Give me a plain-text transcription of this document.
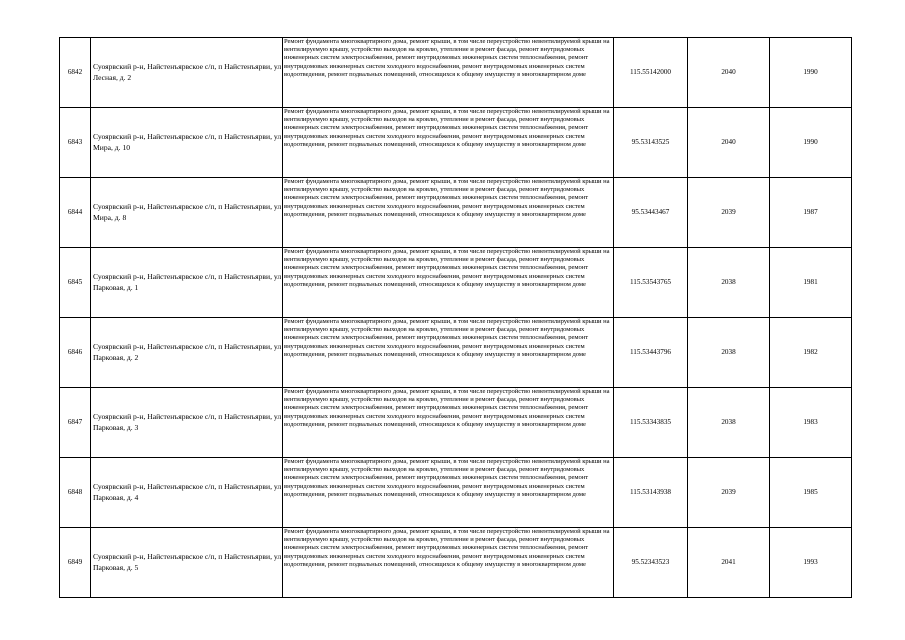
6842	Суоярвский р-н, Найстенъярвское с/п, п Найстенъярви, ул Лесная, д. 2	Ремонт фундамента многоквартирного дома, ремонт крыши, в том числе переустройство невентилируемой крыши на вентилируемую крышу, устройство выходов на кровлю, утепление и ремонт фасада, ремонт внутридомовых инженерных систем электроснабжения, ремонт внутридомовых инженерных систем теплоснабжения, ремонт внутридомовых инженерных систем холодного водоснабжения, ремонт внутридомовых инженерных систем водоотведения, ремонт подвальных помещений, относящихся к общему имуществу в многоквартирном доме	115.55142000	2040	1990
6843	Суоярвский р-н, Найстенъярвское с/п, п Найстенъярви, ул Мира, д. 10	Ремонт фундамента многоквартирного дома, ремонт крыши, в том числе переустройство невентилируемой крыши на вентилируемую крышу, устройство выходов на кровлю, утепление и ремонт фасада, ремонт внутридомовых инженерных систем электроснабжения, ремонт внутридомовых инженерных систем теплоснабжения, ремонт внутридомовых инженерных систем холодного водоснабжения, ремонт внутридомовых инженерных систем водоотведения, ремонт подвальных помещений, относящихся к общему имуществу в многоквартирном доме	95.53143525	2040	1990
6844	Суоярвский р-н, Найстенъярвское с/п, п Найстенъярви, ул Мира, д. 8	Ремонт фундамента многоквартирного дома, ремонт крыши, в том числе переустройство невентилируемой крыши на вентилируемую крышу, устройство выходов на кровлю, утепление и ремонт фасада, ремонт внутридомовых инженерных систем электроснабжения, ремонт внутридомовых инженерных систем теплоснабжения, ремонт внутридомовых инженерных систем холодного водоснабжения, ремонт внутридомовых инженерных систем водоотведения, ремонт подвальных помещений, относящихся к общему имуществу в многоквартирном доме	95.53443467	2039	1987
6845	Суоярвский р-н, Найстенъярвское с/п, п Найстенъярви, ул Парковая, д. 1	Ремонт фундамента многоквартирного дома, ремонт крыши, в том числе переустройство невентилируемой крыши на вентилируемую крышу, устройство выходов на кровлю, утепление и ремонт фасада, ремонт внутридомовых инженерных систем электроснабжения, ремонт внутридомовых инженерных систем теплоснабжения, ремонт внутридомовых инженерных систем холодного водоснабжения, ремонт внутридомовых инженерных систем водоотведения, ремонт подвальных помещений, относящихся к общему имуществу в многоквартирном доме	115.53543765	2038	1981
6846	Суоярвский р-н, Найстенъярвское с/п, п Найстенъярви, ул Парковая, д. 2	Ремонт фундамента многоквартирного дома, ремонт крыши, в том числе переустройство невентилируемой крыши на вентилируемую крышу, устройство выходов на кровлю, утепление и ремонт фасада, ремонт внутридомовых инженерных систем электроснабжения, ремонт внутридомовых инженерных систем теплоснабжения, ремонт внутридомовых инженерных систем холодного водоснабжения, ремонт внутридомовых инженерных систем водоотведения, ремонт подвальных помещений, относящихся к общему имуществу в многоквартирном доме	115.53443796	2038	1982
6847	Суоярвский р-н, Найстенъярвское с/п, п Найстенъярви, ул Парковая, д. 3	Ремонт фундамента многоквартирного дома, ремонт крыши, в том числе переустройство невентилируемой крыши на вентилируемую крышу, устройство выходов на кровлю, утепление и ремонт фасада, ремонт внутридомовых инженерных систем электроснабжения, ремонт внутридомовых инженерных систем теплоснабжения, ремонт внутридомовых инженерных систем холодного водоснабжения, ремонт внутридомовых инженерных систем водоотведения, ремонт подвальных помещений, относящихся к общему имуществу в многоквартирном доме	115.53343835	2038	1983
6848	Суоярвский р-н, Найстенъярвское с/п, п Найстенъярви, ул Парковая, д. 4	Ремонт фундамента многоквартирного дома, ремонт крыши, в том числе переустройство невентилируемой крыши на вентилируемую крышу, устройство выходов на кровлю, утепление и ремонт фасада, ремонт внутридомовых инженерных систем электроснабжения, ремонт внутридомовых инженерных систем теплоснабжения, ремонт внутридомовых инженерных систем холодного водоснабжения, ремонт внутридомовых инженерных систем водоотведения, ремонт подвальных помещений, относящихся к общему имуществу в многоквартирном доме	115.53143938	2039	1985
6849	Суоярвский р-н, Найстенъярвское с/п, п Найстенъярви, ул Парковая, д. 5	Ремонт фундамента многоквартирного дома, ремонт крыши, в том числе переустройство невентилируемой крыши на вентилируемую крышу, устройство выходов на кровлю, утепление и ремонт фасада, ремонт внутридомовых инженерных систем электроснабжения, ремонт внутридомовых инженерных систем теплоснабжения, ремонт внутридомовых инженерных систем холодного водоснабжения, ремонт внутридомовых инженерных систем водоотведения, ремонт подвальных помещений, относящихся к общему имуществу в многоквартирном доме	95.52343523	2041	1993
